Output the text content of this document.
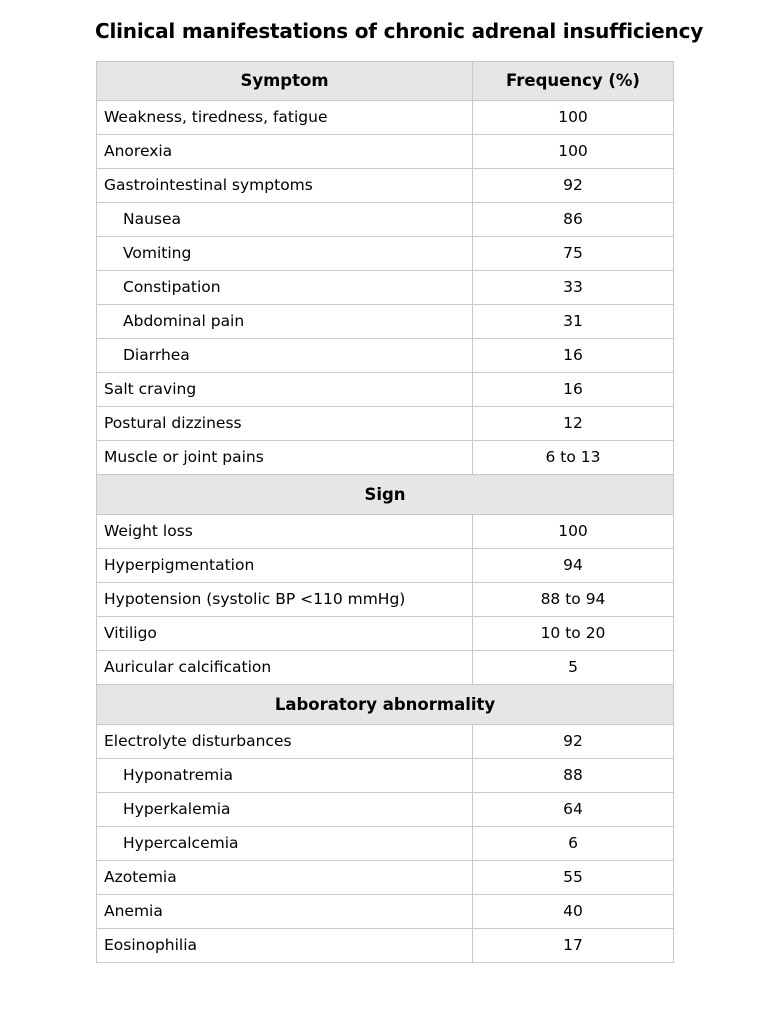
Clinical manifestations of chronic adrenal insufficiency
Symptom	Frequency (%)
Weakness, tiredness, fatigue	100
Anorexia	100
Gastrointestinal symptoms	92
Nausea	86
Vomiting	75
Constipation	33
Abdominal pain	31
Diarrhea	16
Salt craving	16
Postural dizziness	12
Muscle or joint pains	6 to 13
Sign	
Weight loss	100
Hyperpigmentation	94
Hypotension (systolic BP <110 mmHg)	88 to 94
Vitiligo	10 to 20
Auricular calcification	5
Laboratory abnormality	
Electrolyte disturbances	92
Hyponatremia	88
Hyperkalemia	64
Hypercalcemia	6
Azotemia	55
Anemia	40
Eosinophilia	17
